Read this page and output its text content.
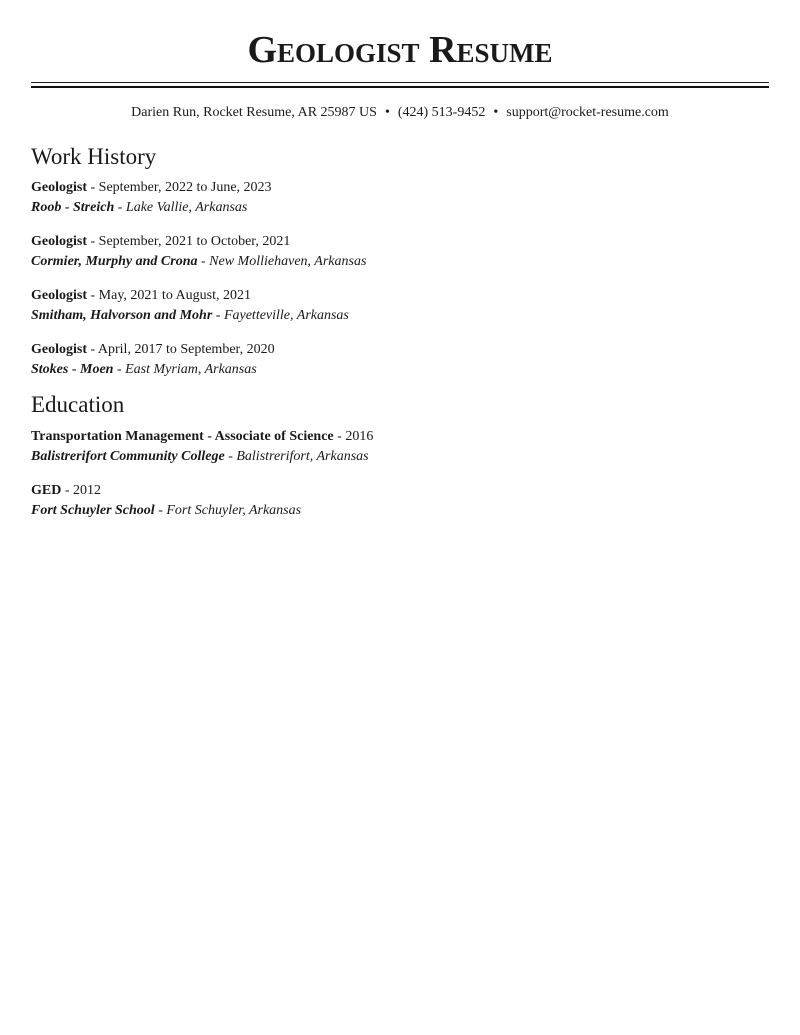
Geologist Resume
Darien Run, Rocket Resume, AR 25987 US • (424) 513-9452 • support@rocket-resume.com
Work History
Geologist - September, 2022 to June, 2023
Roob - Streich - Lake Vallie, Arkansas
Geologist - September, 2021 to October, 2021
Cormier, Murphy and Crona - New Molliehaven, Arkansas
Geologist - May, 2021 to August, 2021
Smitham, Halvorson and Mohr - Fayetteville, Arkansas
Geologist - April, 2017 to September, 2020
Stokes - Moen - East Myriam, Arkansas
Education
Transportation Management - Associate of Science - 2016
Balistrerifort Community College - Balistrerifort, Arkansas
GED - 2012
Fort Schuyler School - Fort Schuyler, Arkansas
